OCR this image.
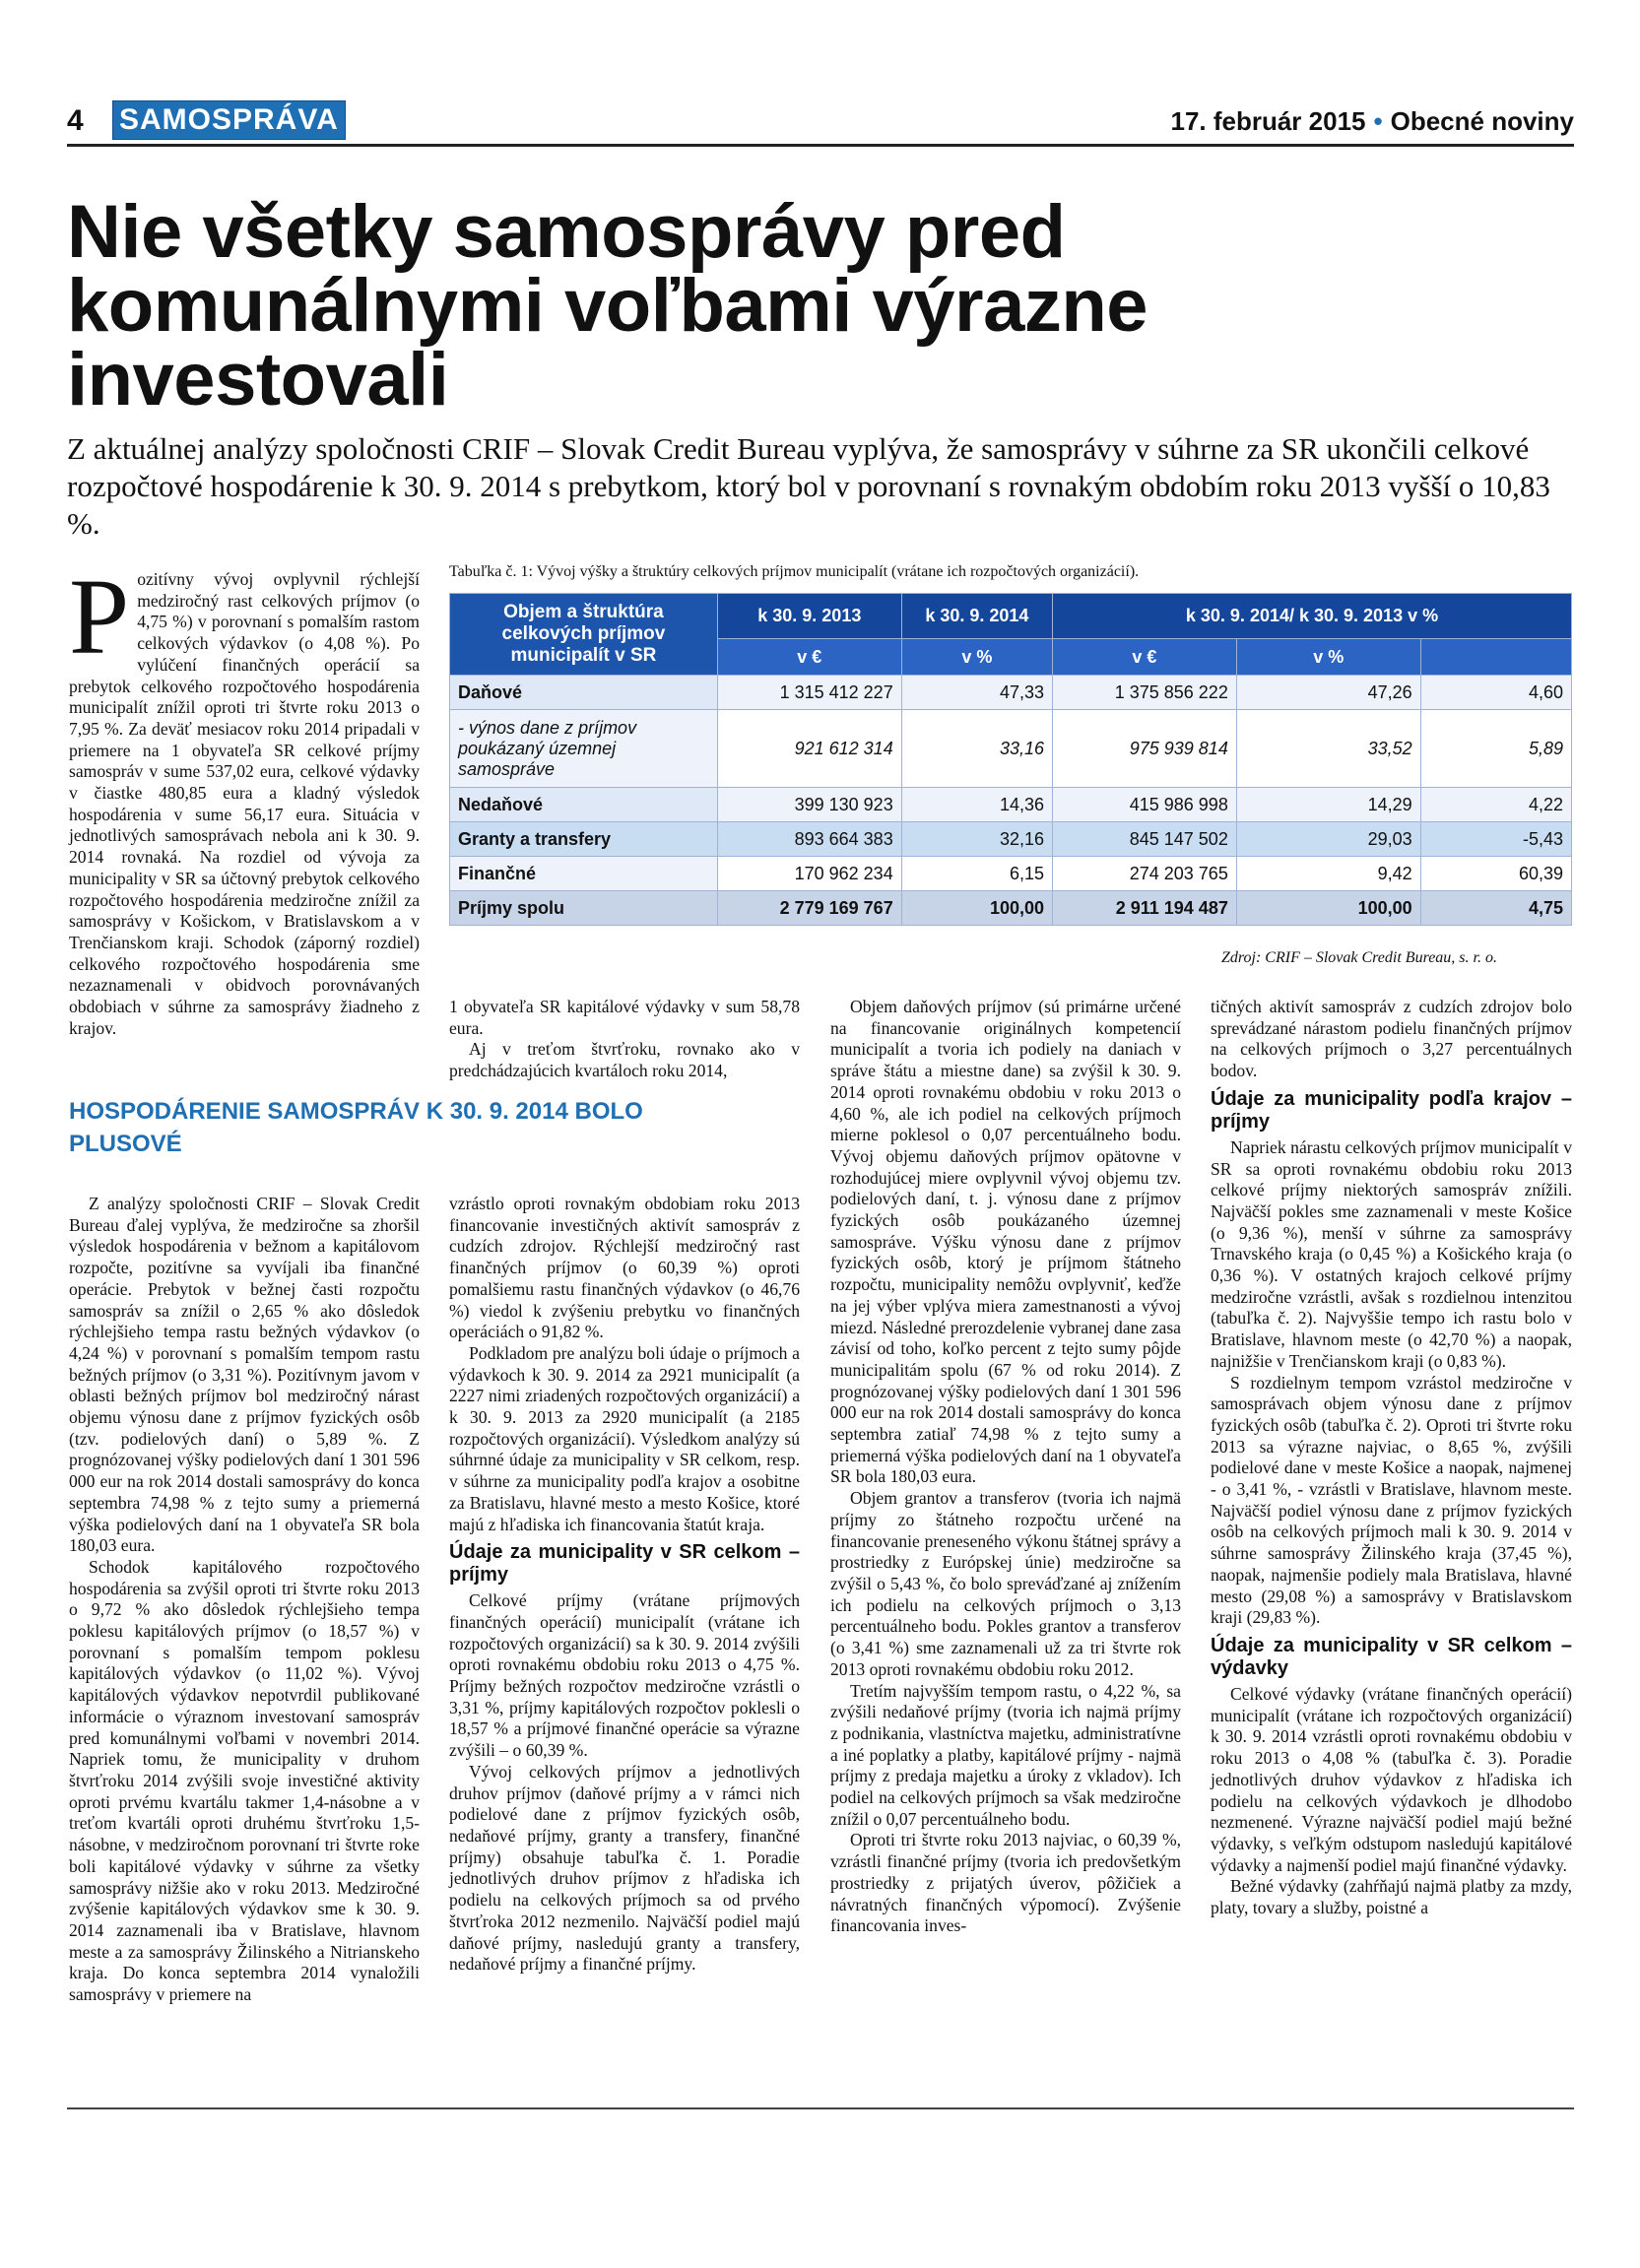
4 SAMOSPRÁVA	17. február 2015 • Obecné noviny
Nie všetky samosprávy pred komunálnymi voľbami výrazne investovali

Z aktuálnej analýzy spoločnosti CRIF – Slovak Credit Bureau vyplýva, že samosprávy v súhrne za SR ukončili celkové rozpočtové hospodárenie k 30. 9. 2014 s prebytkom, ktorý bol v porovnaní s rovnakým obdobím roku 2013 vyšší o 10,83 %.

Pozitívny vývoj ovplyvnil rýchlejší medziročný rast celkových príjmov (o 4,75 %) v porovnaní s pomalším rastom celkových výdavkov (o 4,08 %). Po vylúčení finančných operácií sa prebytok celkového rozpočtového hospodárenia municipalít znížil oproti tri štvrte roku 2013 o 7,95 %. Za deväť mesiacov roku 2014 pripadali v priemere na 1 obyvateľa SR celkové príjmy samospráv v sume 537,02 eura, celkové výdavky v čiastke 480,85 eura a kladný výsledok hospodárenia v sume 56,17 eura. Situácia v jednotlivých samosprávach nebola ani k 30. 9. 2014 rovnaká. Na rozdiel od vývoja za municipality v SR sa účtovný prebytok celkového rozpočtového hospodárenia medziročne znížil za samosprávy v Košickom, v Bratislavskom a v Trenčianskom kraji. Schodok (záporný rozdiel) celkového rozpočtového hospodárenia sme nezaznamenali v obidvoch porovnávaných obdobiach v súhrne za samosprávy žiadneho z krajov.

Tabuľka č. 1: Vývoj výšky a štruktúry celkových príjmov municipalít (vrátane ich rozpočtových organizácií).
Objem a štruktúra celkových príjmov municipalít v SR	k 30. 9. 2013	k 30. 9. 2014	k 30. 9. 2014/ k 30. 9. 2013 v %		
	v €	v %	v €	v %	
Daňové	1 315 412 227	47,33	1 375 856 222	47,26	4,60
- výnos dane z príjmov poukázaný územnej samospráve	921 612 314	33,16	975 939 814	33,52	5,89
Nedaňové	399 130 923	14,36	415 986 998	14,29	4,22
Granty a transfery	893 664 383	32,16	845 147 502	29,03	-5,43
Finančné	170 962 234	6,15	274 203 765	9,42	60,39
Príjmy spolu	2 779 169 767	100,00	2 911 194 487	100,00	4,75
Zdroj: CRIF – Slovak Credit Bureau, s. r. o.

1 obyvateľa SR kapitálové výdavky v sum 58,78 eura.

Aj v treťom štvrťroku, rovnako ako v predchádzajúcich kvartáloch roku 2014,

HOSPODÁRENIE SAMOSPRÁV K 30. 9. 2014 BOLO PLUSOVÉ

Z analýzy spoločnosti CRIF – Slovak Credit Bureau ďalej vyplýva, že medziročne sa zhoršil výsledok hospodárenia v bežnom a kapitálovom rozpočte, pozitívne sa vyvíjali iba finančné operácie. Prebytok v bežnej časti rozpočtu samospráv sa znížil o 2,65 % ako dôsledok rýchlejšieho tempa rastu bežných výdavkov (o 4,24 %) v porovnaní s pomalším tempom rastu bežných príjmov (o 3,31 %). Pozitívnym javom v oblasti bežných príjmov bol medziročný nárast objemu výnosu dane z príjmov fyzických osôb (tzv. podielových daní) o 5,89 %. Z prognózovanej výšky podielových daní 1 301 596 000 eur na rok 2014 dostali samosprávy do konca septembra 74,98 % z tejto sumy a priemerná výška podielových daní na 1 obyvateľa SR bola 180,03 eura.

Schodok kapitálového rozpočtového hospodárenia sa zvýšil oproti tri štvrte roku 2013 o 9,72 % ako dôsledok rýchlejšieho tempa poklesu kapitálových príjmov (o 18,57 %) v porovnaní s pomalším tempom poklesu kapitálových výdavkov (o 11,02 %). Vývoj kapitálových výdavkov nepotvrdil publikované informácie o výraznom investovaní samospráv pred komunálnymi voľbami v novembri 2014. Napriek tomu, že municipality v druhom štvrťroku 2014 zvýšili svoje investičné aktivity oproti prvému kvartálu takmer 1,4-násobne a v treťom kvartáli oproti druhému štvrťroku 1,5-násobne, v medziročnom porovnaní tri štvrte roke boli kapitálové výdavky v súhrne za všetky samosprávy nižšie ako v roku 2013. Medziročné zvýšenie kapitálových výdavkov sme k 30. 9. 2014 zaznamenali iba v Bratislave, hlavnom meste a za samosprávy Žilinského a Nitrianskeho kraja. Do konca septembra 2014 vynaložili samosprávy v priemere na

vzrástlo oproti rovnakým obdobiam roku 2013 financovanie investičných aktivít samospráv z cudzích zdrojov. Rýchlejší medziročný rast finančných príjmov (o 60,39 %) oproti pomalšiemu rastu finančných výdavkov (o 46,76 %) viedol k zvýšeniu prebytku vo finančných operáciách o 91,82 %.

Podkladom pre analýzu boli údaje o príjmoch a výdavkoch k 30. 9. 2014 za 2921 municipalít (a 2227 nimi zriadených rozpočtových organizácií) a k 30. 9. 2013 za 2920 municipalít (a 2185 rozpočtových organizácií). Výsledkom analýzy sú súhrnné údaje za municipality v SR celkom, resp. v súhrne za municipality podľa krajov a osobitne za Bratislavu, hlavné mesto a mesto Košice, ktoré majú z hľadiska ich financovania štatút kraja.

Údaje za municipality v SR celkom – príjmy

Celkové príjmy (vrátane príjmových finančných operácií) municipalít (vrátane ich rozpočtových organizácií) sa k 30. 9. 2014 zvýšili oproti rovnakému obdobiu roku 2013 o 4,75 %. Príjmy bežných rozpočtov medziročne vzrástli o 3,31 %, príjmy kapitálových rozpočtov poklesli o 18,57 % a príjmové finančné operácie sa výrazne zvýšili – o 60,39 %.

Vývoj celkových príjmov a jednotlivých druhov príjmov (daňové príjmy a v rámci nich podielové dane z príjmov fyzických osôb, nedaňové príjmy, granty a transfery, finančné príjmy) obsahuje tabuľka č. 1. Poradie jednotlivých druhov príjmov z hľadiska ich podielu na celkových príjmoch sa od prvého štvrťroka 2012 nezmenilo. Najväčší podiel majú daňové príjmy, nasledujú granty a transfery, nedaňové príjmy a finančné príjmy.

Objem daňových príjmov (sú primárne určené na financovanie originálnych kompetencií municipalít a tvoria ich podiely na daniach v správe štátu a miestne dane) sa zvýšil k 30. 9. 2014 oproti rovnakému obdobiu v roku 2013 o 4,60 %, ale ich podiel na celkových príjmoch mierne poklesol o 0,07 percentuálneho bodu. Vývoj objemu daňových príjmov opätovne v rozhodujúcej miere ovplyvnil vývoj objemu tzv. podielových daní, t. j. výnosu dane z príjmov fyzických osôb poukázaného územnej samospráve. Výšku výnosu dane z príjmov fyzických osôb, ktorý je príjmom štátneho rozpočtu, municipality nemôžu ovplyvniť, keďže na jej výber vplýva miera zamestnanosti a vývoj miezd. Následné prerozdelenie vybranej dane zasa závisí od toho, koľko percent z tejto sumy pôjde municipalitám spolu (67 % od roku 2014). Z prognózovanej výšky podielových daní 1 301 596 000 eur na rok 2014 dostali samosprávy do konca septembra zatiaľ 74,98 % z tejto sumy a priemerná výška podielových daní na 1 obyvateľa SR bola 180,03 eura.

Objem grantov a transferov (tvoria ich najmä príjmy zo štátneho rozpočtu určené na financovanie preneseného výkonu štátnej správy a prostriedky z Európskej únie) medziročne sa zvýšil o 5,43 %, čo bolo spreváďzané aj znížením ich podielu na celkových príjmoch o 3,13 percentuálneho bodu. Pokles grantov a transferov (o 3,41 %) sme zaznamenali už za tri štvrte rok 2013 oproti rovnakému obdobiu roku 2012.

Tretím najvyšším tempom rastu, o 4,22 %, sa zvýšili nedaňové príjmy (tvoria ich najmä príjmy z podnikania, vlastníctva majetku, administratívne a iné poplatky a platby, kapitálové príjmy - najmä príjmy z predaja majetku a úroky z vkladov). Ich podiel na celkových príjmoch sa však medziročne znížil o 0,07 percentuálneho bodu.

Oproti tri štvrte roku 2013 najviac, o 60,39 %, vzrástli finančné príjmy (tvoria ich predovšetkým prostriedky z prijatých úverov, pôžičiek a návratných finančných výpomocí). Zvýšenie financovania inves-

tičných aktivít samospráv z cudzích zdrojov bolo sprevádzané nárastom podielu finančných príjmov na celkových príjmoch o 3,27 percentuálnych bodov.

Údaje za municipality podľa krajov – príjmy

Napriek nárastu celkových príjmov municipalít v SR sa oproti rovnakému obdobiu roku 2013 celkové príjmy niektorých samospráv znížili. Najväčší pokles sme zaznamenali v meste Košice (o 9,36 %), menší v súhrne za samosprávy Trnavského kraja (o 0,45 %) a Košického kraja (o 0,36 %). V ostatných krajoch celkové príjmy medziročne vzrástli, avšak s rozdielnou intenzitou (tabuľka č. 2). Najvyššie tempo ich rastu bolo v Bratislave, hlavnom meste (o 42,70 %) a naopak, najnižšie v Trenčianskom kraji (o 0,83 %).

S rozdielnym tempom vzrástol medziročne v samosprávach objem výnosu dane z príjmov fyzických osôb (tabuľka č. 2). Oproti tri štvrte roku 2013 sa výrazne najviac, o 8,65 %, zvýšili podielové dane v meste Košice a naopak, najmenej - o 3,41 %, - vzrástli v Bratislave, hlavnom meste. Najväčší podiel výnosu dane z príjmov fyzických osôb na celkových príjmoch mali k 30. 9. 2014 v súhrne samosprávy Žilinského kraja (37,45 %), naopak, najmenšie podiely mala Bratislava, hlavné mesto (29,08 %) a samosprávy v Bratislavskom kraji (29,83 %).

Údaje za municipality v SR celkom – výdavky

Celkové výdavky (vrátane finančných operácií) municipalít (vrátane ich rozpočtových organizácií) k 30. 9. 2014 vzrástli oproti rovnakému obdobiu v roku 2013 o 4,08 % (tabuľka č. 3). Poradie jednotlivých druhov výdavkov z hľadiska ich podielu na celkových výdavkoch je dlhodobo nezmenené. Výrazne najväčší podiel majú bežné výdavky, s veľkým odstupom nasledujú kapitálové výdavky a najmenší podiel majú finančné výdavky.

Bežné výdavky (zahŕňajú najmä platby za mzdy, platy, tovary a služby, poistné a
